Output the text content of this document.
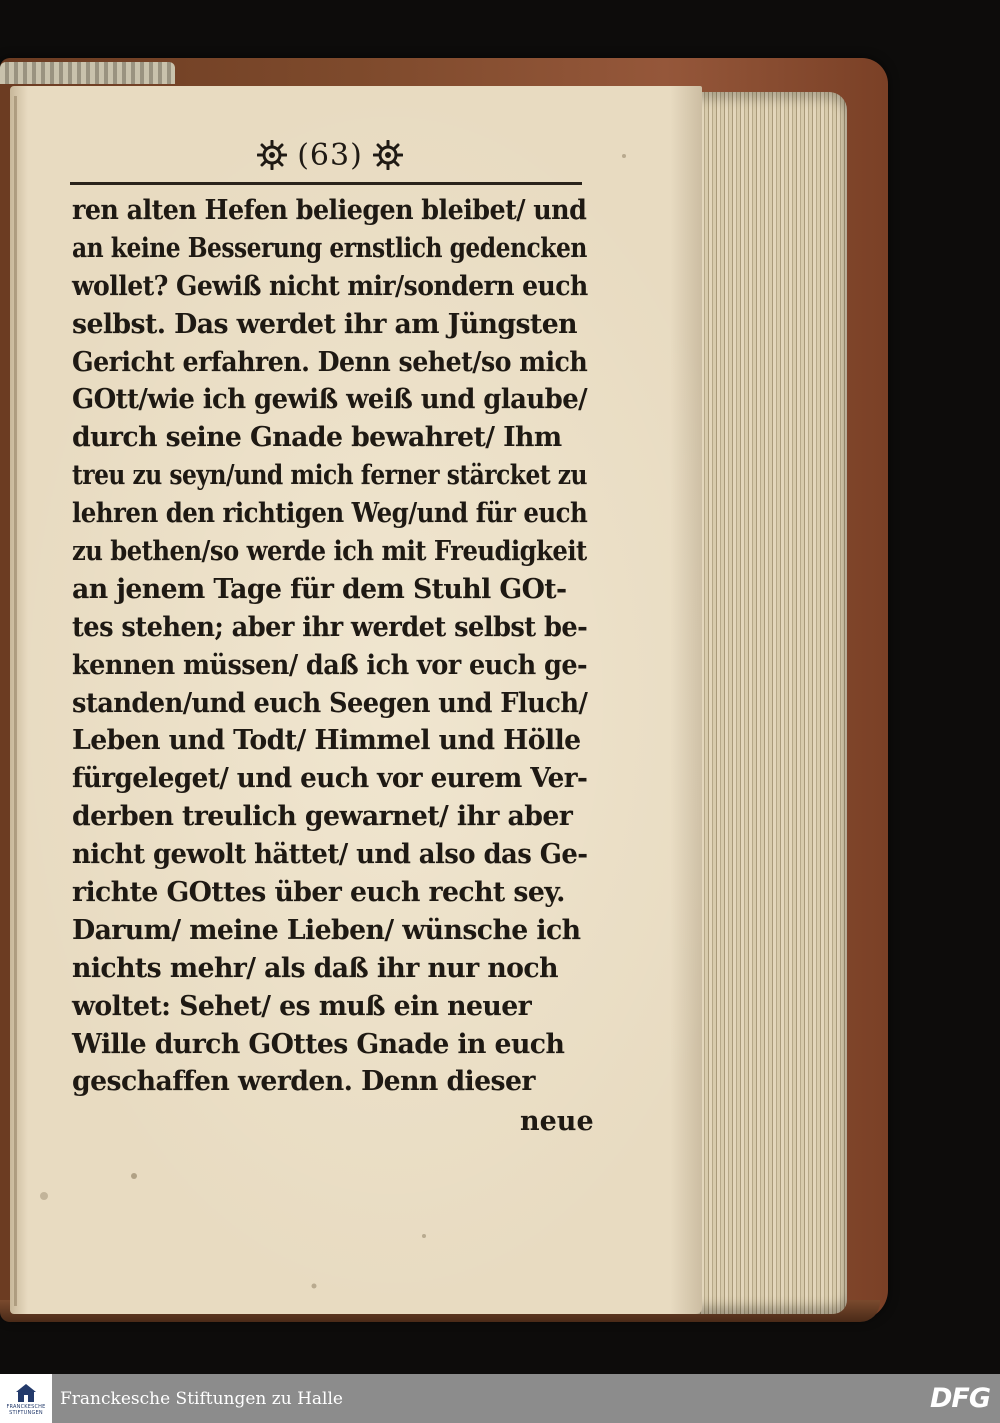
(63)
ren alten Hefen beliegen bleibet/ und
an keine Besserung ernstlich gedencken
wollet? Gewiß nicht mir/sondern euch
selbst. Das werdet ihr am Jüngsten
Gericht erfahren. Denn sehet/so mich
GOtt/wie ich gewiß weiß und glaube/
durch seine Gnade bewahret/ Ihm
treu zu seyn/und mich ferner stärcket zu
lehren den richtigen Weg/und für euch
zu bethen/so werde ich mit Freudigkeit
an jenem Tage für dem Stuhl GOt-
tes stehen; aber ihr werdet selbst be-
kennen müssen/ daß ich vor euch ge-
standen/und euch Seegen und Fluch/
Leben und Todt/ Himmel und Hölle
fürgeleget/ und euch vor eurem Ver-
derben treulich gewarnet/ ihr aber
nicht gewolt hättet/ und also das Ge-
richte GOttes über euch recht sey.
Darum/ meine Lieben/ wünsche ich
nichts mehr/ als daß ihr nur noch
woltet: Sehet/ es muß ein neuer
Wille durch GOttes Gnade in euch
geschaffen werden. Denn dieser
neue
FRANCKESCHE STIFTUNGEN
Franckesche Stiftungen zu Halle	DFG
